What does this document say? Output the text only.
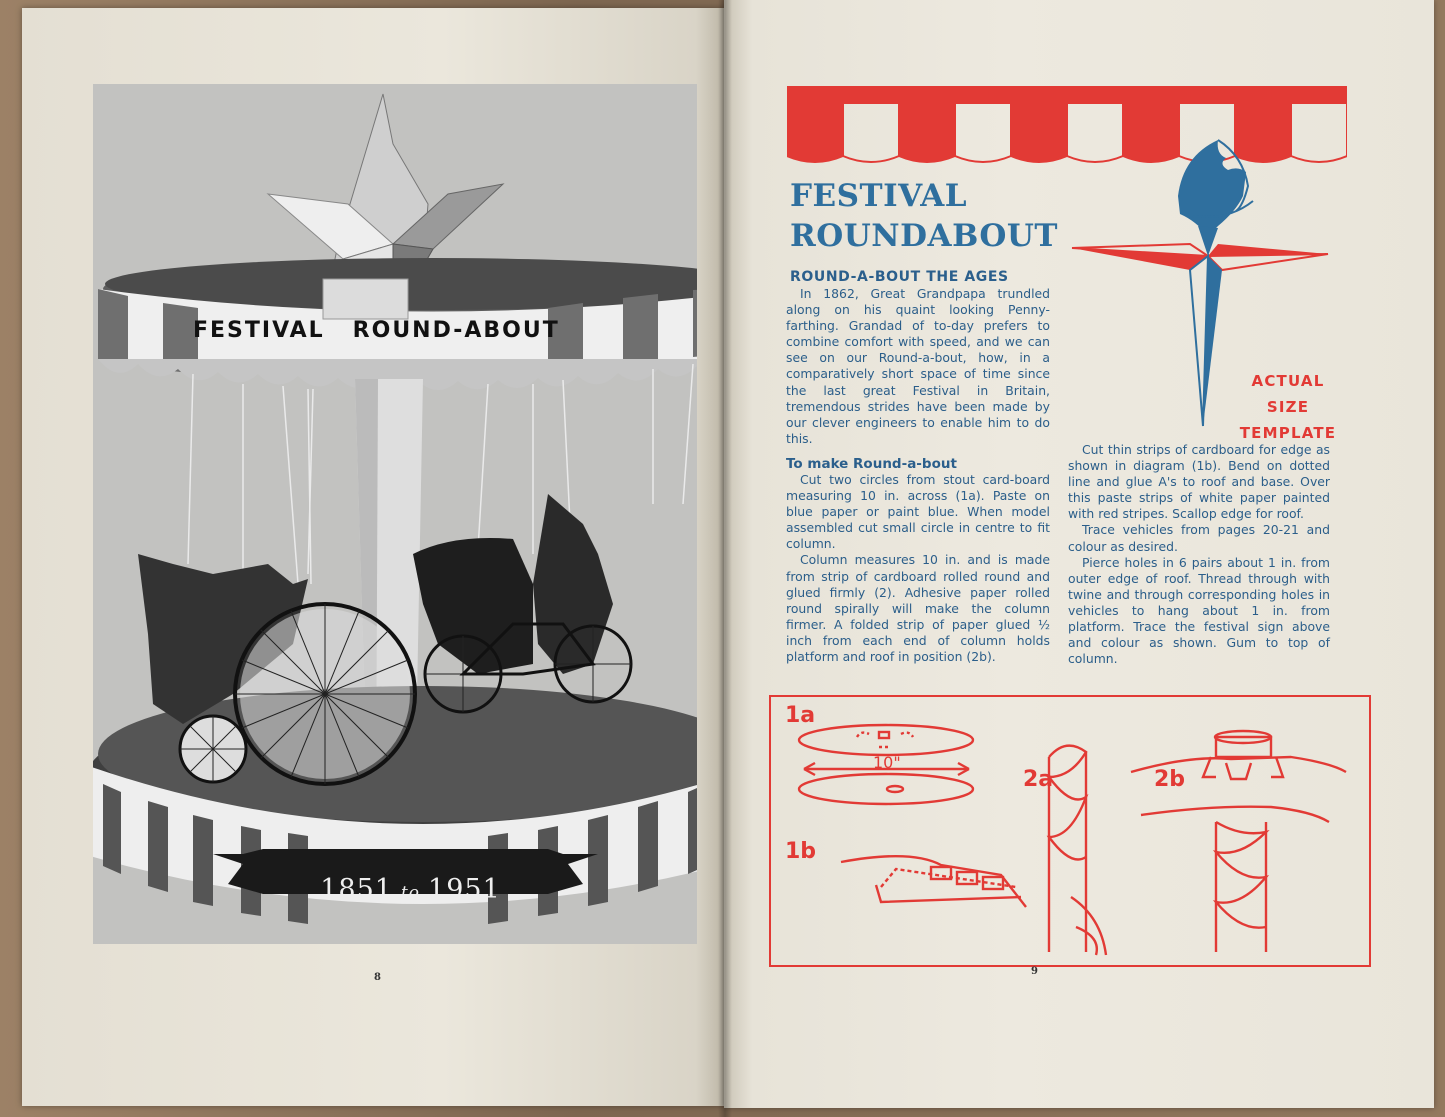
FESTIVAL ROUND-ABOUT
1851 to 1951
8
FESTIVAL
ROUNDABOUT
ROUND-A-BOUT THE AGES

In 1862, Great Grandpapa trundled along on his quaint looking Penny-farthing. Grandad of to-day prefers to combine comfort with speed, and we can see on our Round-a-bout, how, in a comparatively short space of time since the last great Festival in Britain, tremendous strides have been made by our clever engineers to enable him to do this.

To make Round-a-bout

Cut two circles from stout card-board measuring 10 in. across (1a). Paste on blue paper or paint blue. When model assembled cut small circle in centre to fit column.

Column measures 10 in. and is made from strip of cardboard rolled round and glued firmly (2). Adhesive paper rolled round spirally will make the column firmer. A folded strip of paper glued ½ inch from each end of column holds platform and roof in position (2b).

Cut thin strips of cardboard for edge as shown in diagram (1b). Bend on dotted line and glue A's to roof and base. Over this paste strips of white paper painted with red stripes. Scallop edge for roof.

Trace vehicles from pages 20-21 and colour as desired.

Pierce holes in 6 pairs about 1 in. from outer edge of roof. Thread through with twine and through corresponding holes in vehicles to hang about 1 in. from platform. Trace the festival sign above and colour as shown. Gum to top of column.

ACTUAL
SIZE
TEMPLATE
1a
1b
2a	2b
10"
9
